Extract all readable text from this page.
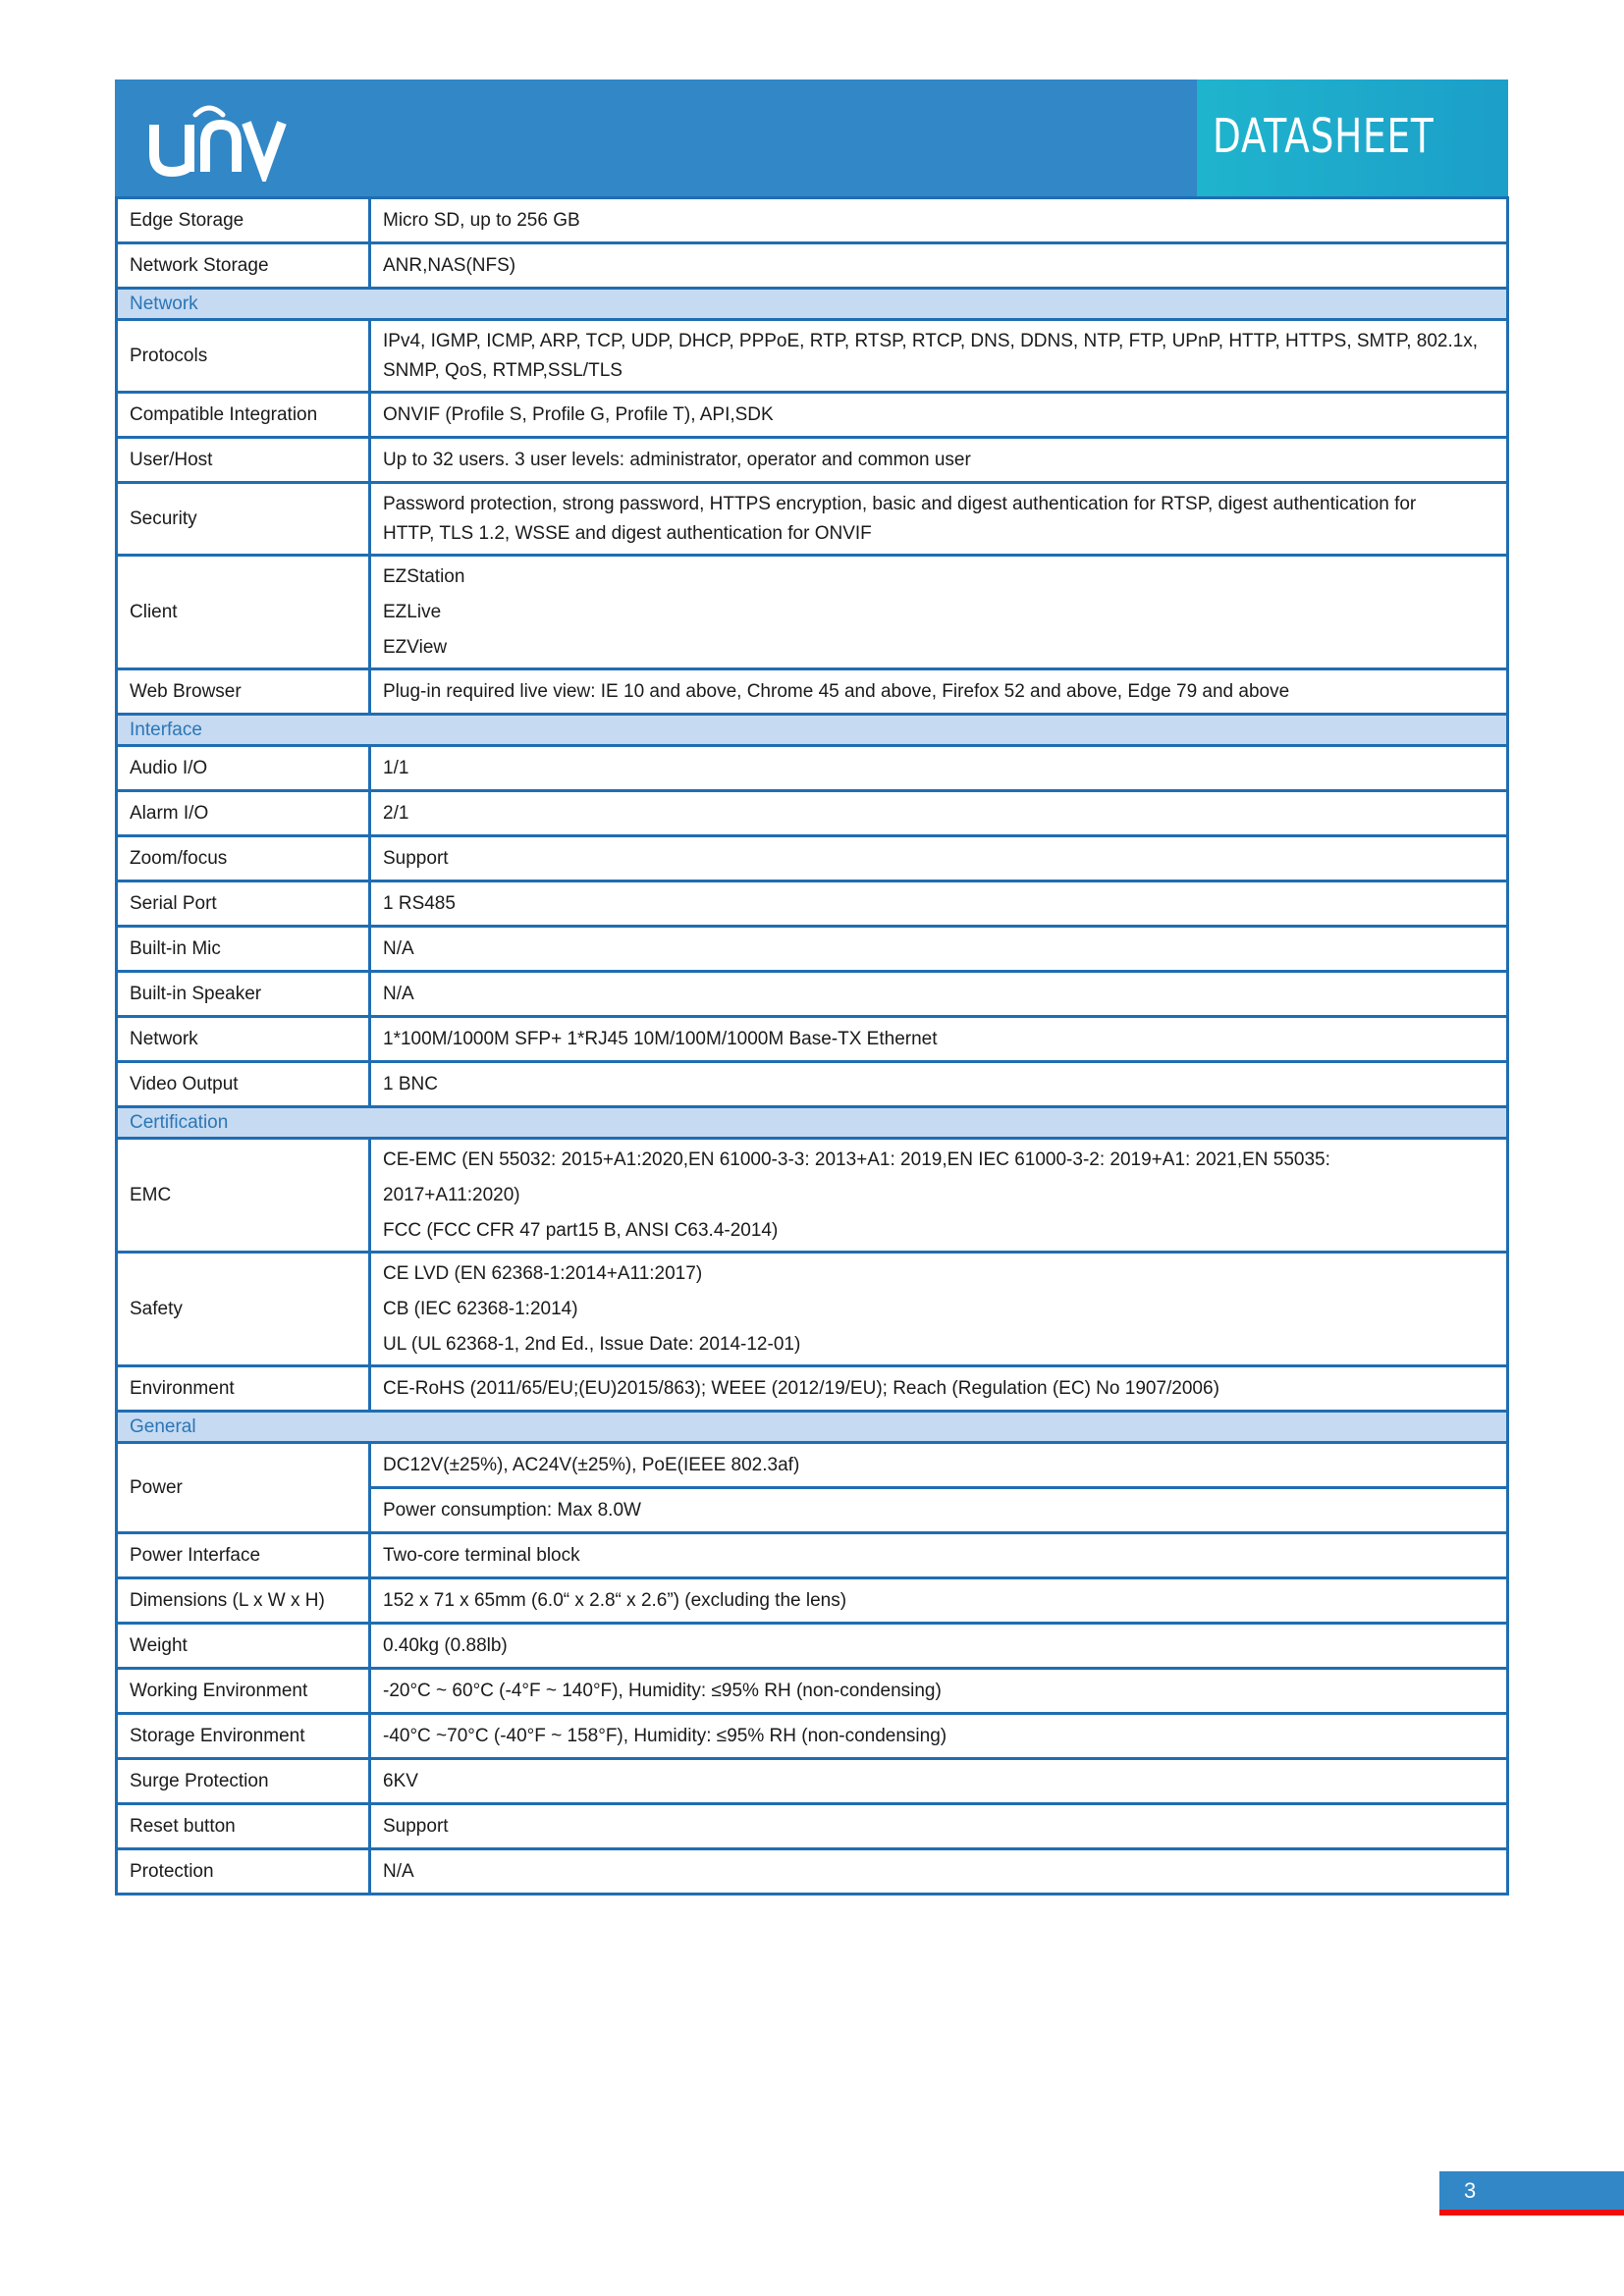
DATASHEET
Edge Storage	Micro SD, up to 256 GB

Network Storage	ANR,NAS(NFS)

Network	
Protocols	IPv4, IGMP, ICMP, ARP, TCP, UDP, DHCP, PPPoE, RTP, RTSP, RTCP, DNS, DDNS, NTP, FTP, UPnP, HTTP, HTTPS, SMTP, 802.1x,
SNMP, QoS, RTMP,SSL/TLS

Compatible Integration	ONVIF (Profile S, Profile G, Profile T), API,SDK

User/Host	Up to 32 users. 3 user levels: administrator, operator and common user

Security	Password protection, strong password, HTTPS encryption, basic and digest authentication for RTSP, digest authentication for
HTTP, TLS 1.2, WSSE and digest authentication for ONVIF

Client	EZStation
EZLive
EZView

Web Browser	Plug-in required live view: IE 10 and above, Chrome 45 and above, Firefox 52 and above, Edge 79 and above

Interface	
Audio I/O	1/1

Alarm I/O	2/1

Zoom/focus	Support

Serial Port	1 RS485

Built-in Mic	N/A

Built-in Speaker	N/A

Network	1*100M/1000M SFP+ 1*RJ45 10M/100M/1000M Base-TX Ethernet

Video Output	1 BNC

Certification	
EMC	CE-EMC (EN 55032: 2015+A1:2020,EN 61000-3-3: 2013+A1: 2019,EN IEC 61000-3-2: 2019+A1: 2021,EN 55035:
2017+A11:2020)
FCC (FCC CFR 47 part15 B, ANSI C63.4-2014)

Safety	CE LVD (EN 62368-1:2014+A11:2017)
CB (IEC 62368-1:2014)
UL (UL 62368-1, 2nd Ed., Issue Date: 2014-12-01)

Environment	CE-RoHS (2011/65/EU;(EU)2015/863); WEEE (2012/19/EU); Reach (Regulation (EC) No 1907/2006)

General	
Power	DC12V(±25%), AC24V(±25%), PoE(IEEE 802.3af)
	Power consumption: Max 8.0W
Power Interface	Two-core terminal block

Dimensions (L x W x H)	152 x 71 x 65mm (6.0“ x 2.8“ x 2.6”) (excluding the lens)

Weight	0.40kg (0.88lb)

Working Environment	-20°C ~ 60°C (-4°F ~ 140°F), Humidity: ≤95% RH (non-condensing)

Storage Environment	-40°C ~70°C (-40°F ~ 158°F), Humidity: ≤95% RH (non-condensing)

Surge Protection	6KV

Reset button	Support

Protection	N/A
3
